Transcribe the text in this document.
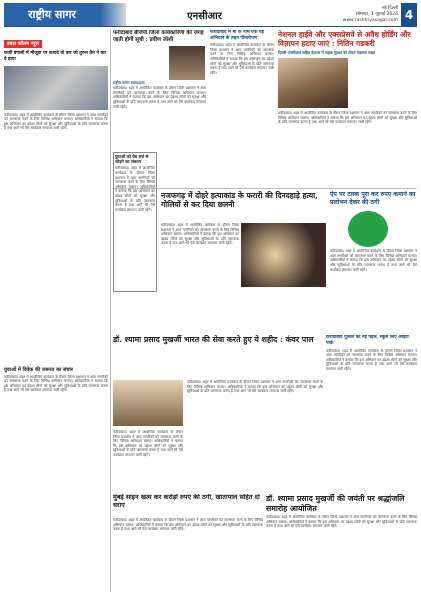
राष्ट्रीय सागर	एनसीआर
नई दिल्ली
सोमवार, 1 जुलाई 2024
www.rashtriyasagar.com 4
डबल कॉलम न्यूज
फर्जी बंगाली में मौजूदा पर कायदे वो बार जो तुरन्त प्रैम ने कर दे हत्या
फरीदाबाद। शहर में आयोजित कार्यक्रम के दौरान जिला प्रशासन ने आम नागरिकों को जागरूक करने के लिए विभिन्न अभियान चलाए। अधिकारियों ने बताया कि इस अभियान का उद्देश्य लोगों को सुरक्षा और सुविधाओं के प्रति जागरूक करना है तथा आगे भी ऐसे कार्यक्रम लगातार जारी रहेंगे।
युवाओं में विवेक की जरूरत का संचार
फरीदाबाद। शहर में आयोजित कार्यक्रम के दौरान जिला प्रशासन ने आम नागरिकों को जागरूक करने के लिए विभिन्न अभियान चलाए। अधिकारियों ने बताया कि इस अभियान का उद्देश्य लोगों को सुरक्षा और सुविधाओं के प्रति जागरूक करना है तथा आगे भी ऐसे कार्यक्रम लगातार जारी रहेंगे।
फरीदाबाद बीजेपी जिला कार्यकारिणी की जगह जाती होगी सूची : प्रवीण जोशी
राष्ट्रीय सागर संवाददाता
फरीदाबाद। शहर में आयोजित कार्यक्रम के दौरान जिला प्रशासन ने आम नागरिकों को जागरूक करने के लिए विभिन्न अभियान चलाए। अधिकारियों ने बताया कि इस अभियान का उद्देश्य लोगों को सुरक्षा और सुविधाओं के प्रति जागरूक करना है तथा आगे भी ऐसे कार्यक्रम लगातार जारी रहेंगे।
फरीदाबाद में मां के नाम एक पेड़ अभियान के तहत पौधारोपण
फरीदाबाद। शहर में आयोजित कार्यक्रम के दौरान जिला प्रशासन ने आम नागरिकों को जागरूक करने के लिए विभिन्न अभियान चलाए। अधिकारियों ने बताया कि इस अभियान का उद्देश्य लोगों को सुरक्षा और सुविधाओं के प्रति जागरूक करना है तथा आगे भी ऐसे कार्यक्रम लगातार जारी रहेंगे।
नेशनल हाईवे और एक्सप्रेसवे से अवैध होर्डिंग और विज्ञापन हटाए जाएं : नितिन गडकरी
दिल्ली-एनसीआर सहित देशभर में सड़क सुरक्षा को लेकर मंत्रालय सख्त
फरीदाबाद। शहर में आयोजित कार्यक्रम के दौरान जिला प्रशासन ने आम नागरिकों को जागरूक करने के लिए विभिन्न अभियान चलाए। अधिकारियों ने बताया कि इस अभियान का उद्देश्य लोगों को सुरक्षा और सुविधाओं के प्रति जागरूक करना है तथा आगे भी ऐसे कार्यक्रम लगातार जारी रहेंगे।
युवाओं को वेब सर्च से जोड़ने का संकल्प
फरीदाबाद। शहर में आयोजित कार्यक्रम के दौरान जिला प्रशासन ने आम नागरिकों को जागरूक करने के लिए विभिन्न अभियान चलाए। अधिकारियों ने बताया कि इस अभियान का उद्देश्य लोगों को सुरक्षा और सुविधाओं के प्रति जागरूक करना है तथा आगे भी ऐसे कार्यक्रम लगातार जारी रहेंगे।
नजफगढ़ में दोहरे हत्याकांड के फरारी की दिनदहाड़े हत्या, गोलियों से कर दिया छलनी
फरीदाबाद। शहर में आयोजित कार्यक्रम के दौरान जिला प्रशासन ने आम नागरिकों को जागरूक करने के लिए विभिन्न अभियान चलाए। अधिकारियों ने बताया कि इस अभियान का उद्देश्य लोगों को सुरक्षा और सुविधाओं के प्रति जागरूक करना है तथा आगे भी ऐसे कार्यक्रम लगातार जारी रहेंगे।
ऐप पर टास्क पूरा कर रुपए कमाने का प्रलोभन देकर की ठगी
फरीदाबाद। शहर में आयोजित कार्यक्रम के दौरान जिला प्रशासन ने आम नागरिकों को जागरूक करने के लिए विभिन्न अभियान चलाए। अधिकारियों ने बताया कि इस अभियान का उद्देश्य लोगों को सुरक्षा और सुविधाओं के प्रति जागरूक करना है तथा आगे भी ऐसे कार्यक्रम लगातार जारी रहेंगे।
डॉ. श्यामा प्रसाद मुखर्जी भारत की सेवा करते हुए ये शहीद : कंवर पाल
फरीदाबाद। शहर में आयोजित कार्यक्रम के दौरान जिला प्रशासन ने आम नागरिकों को जागरूक करने के लिए विभिन्न अभियान चलाए। अधिकारियों ने बताया कि इस अभियान का उद्देश्य लोगों को सुरक्षा और सुविधाओं के प्रति जागरूक करना है तथा आगे भी ऐसे कार्यक्रम लगातार जारी रहेंगे।
फरीदाबाद। शहर में आयोजित कार्यक्रम के दौरान जिला प्रशासन ने आम नागरिकों को जागरूक करने के लिए विभिन्न अभियान चलाए। अधिकारियों ने बताया कि इस अभियान का उद्देश्य लोगों को सुरक्षा और सुविधाओं के प्रति जागरूक करना है तथा आगे भी ऐसे कार्यक्रम लगातार जारी रहेंगे।
फरीदाबाद पुलिस की नई पहल, स्कूल लिए आईटी पार्क
फरीदाबाद। शहर में आयोजित कार्यक्रम के दौरान जिला प्रशासन ने आम नागरिकों को जागरूक करने के लिए विभिन्न अभियान चलाए। अधिकारियों ने बताया कि इस अभियान का उद्देश्य लोगों को सुरक्षा और सुविधाओं के प्रति जागरूक करना है तथा आगे भी ऐसे कार्यक्रम लगातार जारी रहेंगे।
मुंबई साइन खत्म कर करोड़ों रुपए की ठगी, खातापाल सहित दो धराए
फरीदाबाद। शहर में आयोजित कार्यक्रम के दौरान जिला प्रशासन ने आम नागरिकों को जागरूक करने के लिए विभिन्न अभियान चलाए। अधिकारियों ने बताया कि इस अभियान का उद्देश्य लोगों को सुरक्षा और सुविधाओं के प्रति जागरूक करना है तथा आगे भी ऐसे कार्यक्रम लगातार जारी रहेंगे।
डॉ. श्यामा प्रसाद मुखर्जी की जयंती पर श्रद्धांजलि समारोह आयोजित
फरीदाबाद। शहर में आयोजित कार्यक्रम के दौरान जिला प्रशासन ने आम नागरिकों को जागरूक करने के लिए विभिन्न अभियान चलाए। अधिकारियों ने बताया कि इस अभियान का उद्देश्य लोगों को सुरक्षा और सुविधाओं के प्रति जागरूक करना है तथा आगे भी ऐसे कार्यक्रम लगातार जारी रहेंगे।
